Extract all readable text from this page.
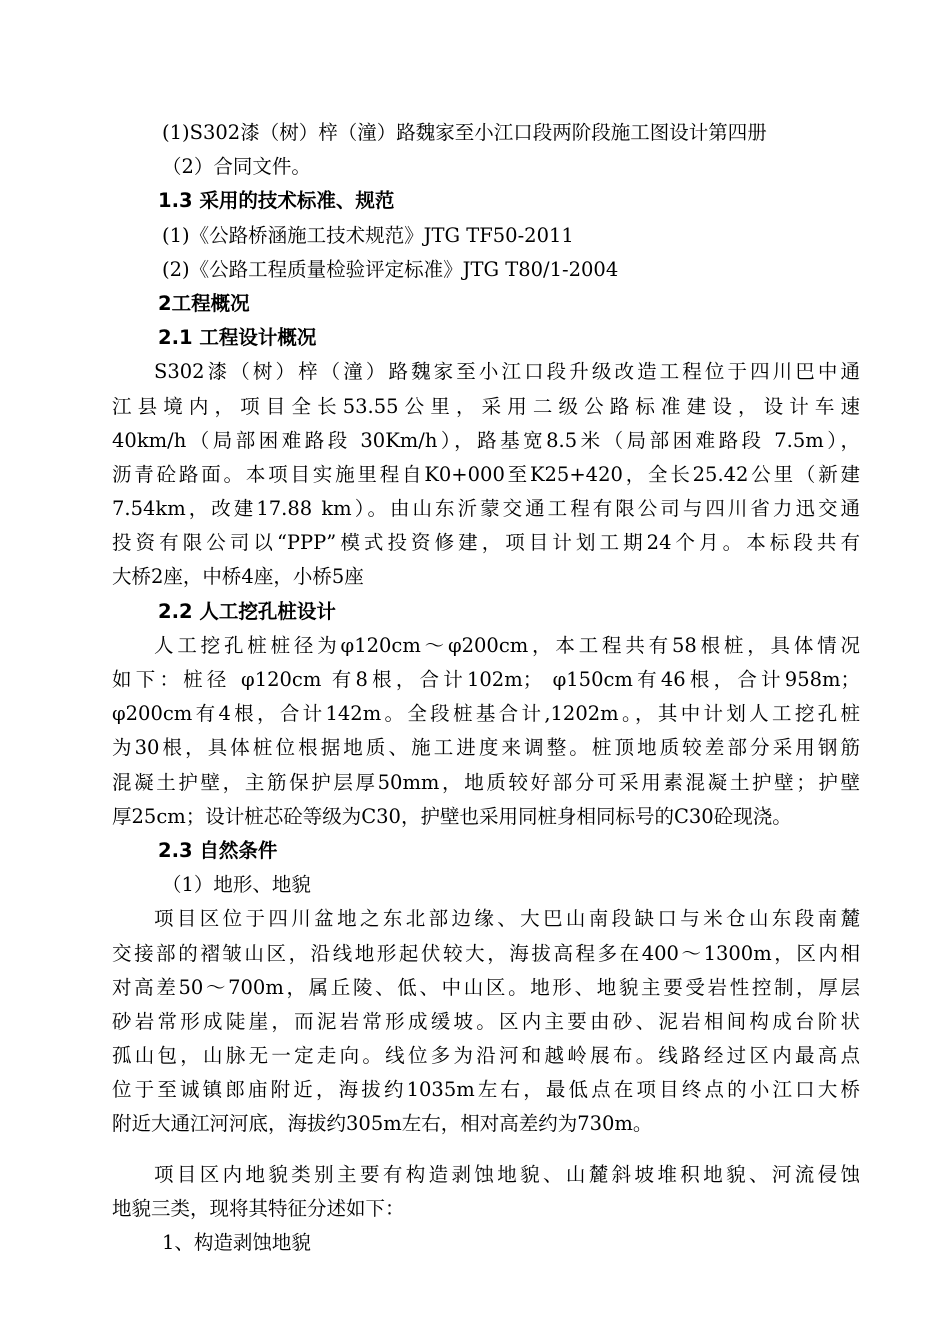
(1)S302漆（树）梓（潼）路魏家至小江口段两阶段施工图设计第四册
（2）合同文件。
1.3 采用的技术标准、规范
(1)《公路桥涵施工技术规范》JTG TF50-2011
(2)《公路工程质量检验评定标准》JTG T80/1-2004
2工程概况
2.1 工程设计概况
S302漆（树）梓（潼）路魏家至小江口段升级改造工程位于四川巴中通
江县境内，项目全长53.55公里，采用二级公路标准建设，设计车速
40km/h（局部困难路段 30Km/h），路基宽8.5米（局部困难路段 7.5m），
沥青砼路面。本项目实施里程自K0+000至K25+420，全长25.42公里（新建
7.54km，改建17.88 km）。由山东沂蒙交通工程有限公司与四川省力迅交通
投资有限公司以“PPP”模式投资修建，项目计划工期24个月。本标段共有
大桥2座，中桥4座，小桥5座
2.2 人工挖孔桩设计
人工挖孔桩桩径为φ120cm～φ200cm，本工程共有58根桩，具体情况
如下：桩径 φ120cm 有8根，合计102m； φ150cm有46根，合计958m；
φ200cm有4根，合计142m。全段桩基合计,1202m。，其中计划人工挖孔桩
为30根，具体桩位根据地质、施工进度来调整。桩顶地质较差部分采用钢筋
混凝土护壁，主筋保护层厚50mm，地质较好部分可采用素混凝土护壁；护壁
厚25cm；设计桩芯砼等级为C30，护壁也采用同桩身相同标号的C30砼现浇。
2.3 自然条件
（1）地形、地貌
项目区位于四川盆地之东北部边缘、大巴山南段缺口与米仓山东段南麓
交接部的褶皱山区，沿线地形起伏较大，海拔高程多在400～1300m，区内相
对高差50～700m，属丘陵、低、中山区。地形、地貌主要受岩性控制，厚层
砂岩常形成陡崖，而泥岩常形成缓坡。区内主要由砂、泥岩相间构成台阶状
孤山包，山脉无一定走向。线位多为沿河和越岭展布。线路经过区内最高点
位于至诚镇郎庙附近，海拔约1035m左右，最低点在项目终点的小江口大桥
附近大通江河河底，海拔约305m左右，相对高差约为730m。
项目区内地貌类别主要有构造剥蚀地貌、山麓斜坡堆积地貌、河流侵蚀
地貌三类，现将其特征分述如下：
1、构造剥蚀地貌
